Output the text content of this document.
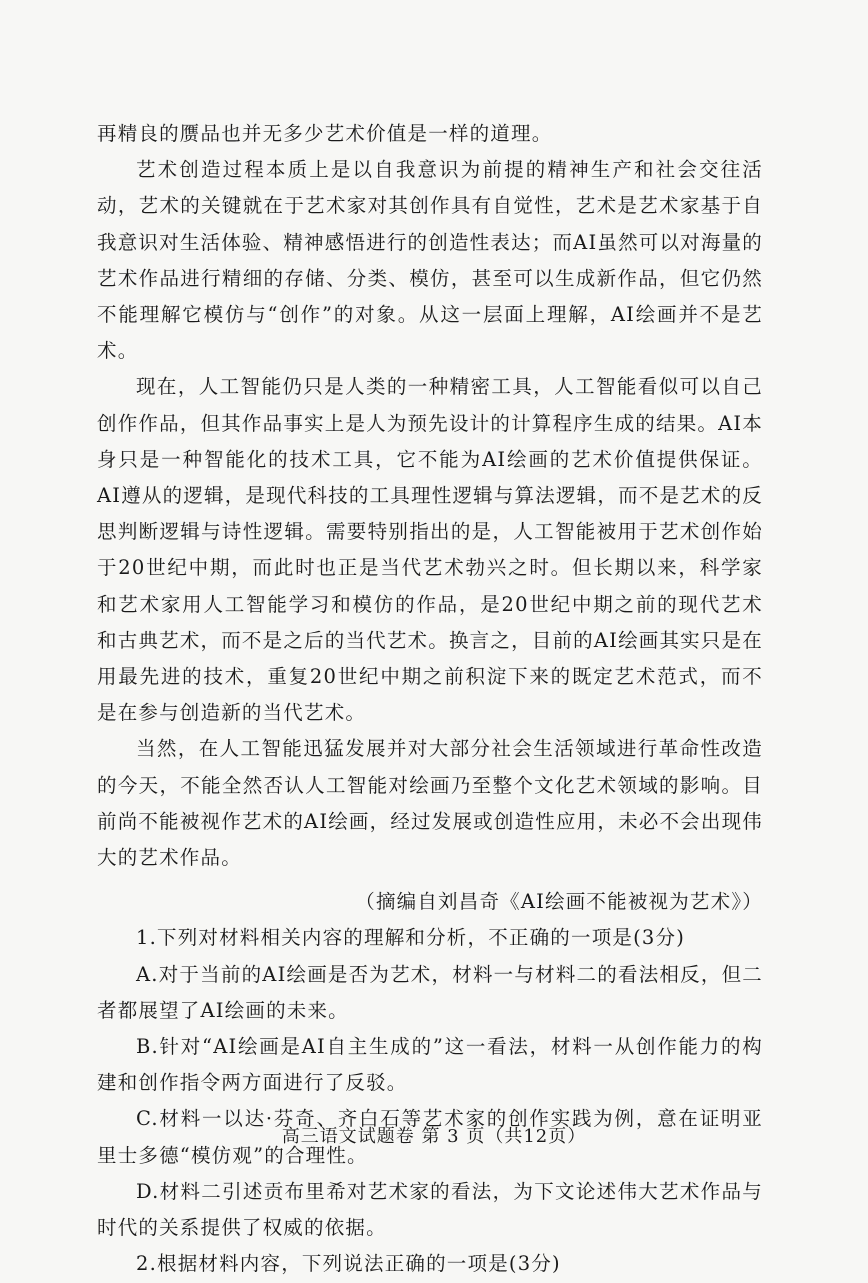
再精良的赝品也并无多少艺术价值是一样的道理。

艺术创造过程本质上是以自我意识为前提的精神生产和社会交往活动，艺术的关键就在于艺术家对其创作具有自觉性，艺术是艺术家基于自我意识对生活体验、精神感悟进行的创造性表达；而AI虽然可以对海量的艺术作品进行精细的存储、分类、模仿，甚至可以生成新作品，但它仍然不能理解它模仿与“创作”的对象。从这一层面上理解，AI绘画并不是艺术。

现在，人工智能仍只是人类的一种精密工具，人工智能看似可以自己创作作品，但其作品事实上是人为预先设计的计算程序生成的结果。AI本身只是一种智能化的技术工具，它不能为AI绘画的艺术价值提供保证。AI遵从的逻辑，是现代科技的工具理性逻辑与算法逻辑，而不是艺术的反思判断逻辑与诗性逻辑。需要特别指出的是，人工智能被用于艺术创作始于20世纪中期，而此时也正是当代艺术勃兴之时。但长期以来，科学家和艺术家用人工智能学习和模仿的作品，是20世纪中期之前的现代艺术和古典艺术，而不是之后的当代艺术。换言之，目前的AI绘画其实只是在用最先进的技术，重复20世纪中期之前积淀下来的既定艺术范式，而不是在参与创造新的当代艺术。

当然，在人工智能迅猛发展并对大部分社会生活领域进行革命性改造的今天，不能全然否认人工智能对绘画乃至整个文化艺术领域的影响。目前尚不能被视作艺术的AI绘画，经过发展或创造性应用，未必不会出现伟大的艺术作品。

（摘编自刘昌奇《AI绘画不能被视为艺术》）

1.下列对材料相关内容的理解和分析，不正确的一项是(3分)

A.对于当前的AI绘画是否为艺术，材料一与材料二的看法相反，但二者都展望了AI绘画的未来。

B.针对“AI绘画是AI自主生成的”这一看法，材料一从创作能力的构建和创作指令两方面进行了反驳。

C.材料一以达·芬奇、齐白石等艺术家的创作实践为例，意在证明亚里士多德“模仿观”的合理性。

D.材料二引述贡布里希对艺术家的看法，为下文论述伟大艺术作品与时代的关系提供了权威的依据。

2.根据材料内容，下列说法正确的一项是(3分)

高三语文试题卷 第 3 页（共12页）
